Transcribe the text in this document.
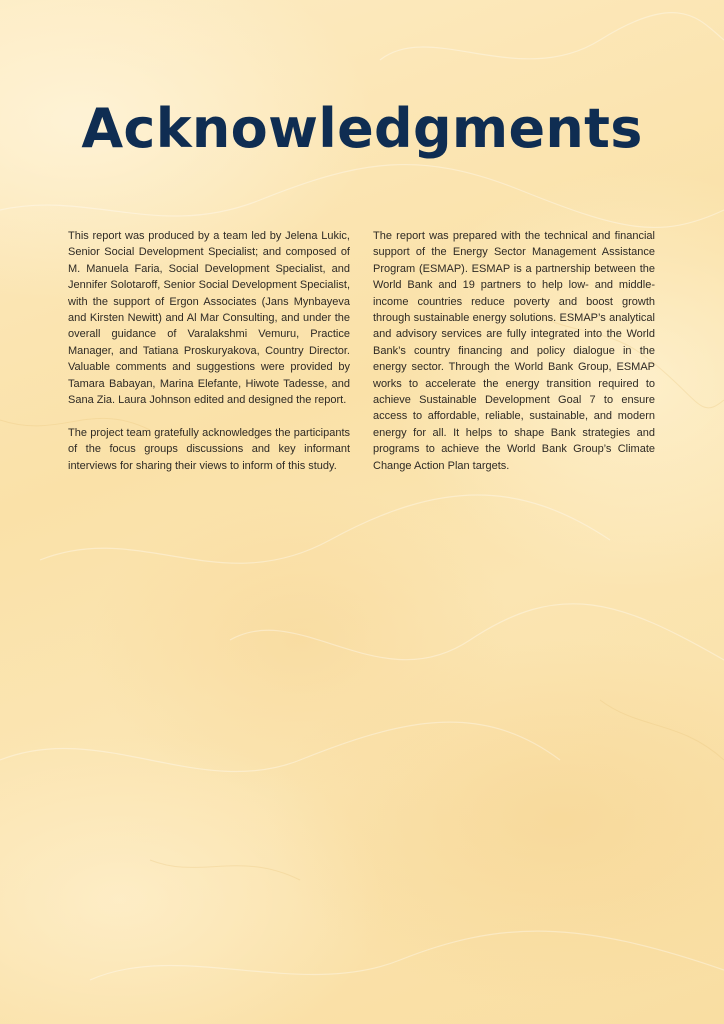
Acknowledgments

This report was produced by a team led by Jelena Lukic, Senior Social Development Specialist; and composed of M. Manuela Faria, Social Development Specialist, and Jennifer Solotaroff, Senior Social Development Specialist, with the support of Ergon Associates (Jans Mynbayeva and Kirsten Newitt) and Al Mar Consulting, and under the overall guidance of Varalakshmi Vemuru, Practice Manager, and Tatiana Proskuryakova, Country Director. Valuable comments and suggestions were provided by Tamara Babayan, Marina Elefante, Hiwote Tadesse, and Sana Zia. Laura Johnson edited and designed the report.

The project team gratefully acknowledges the participants of the focus groups discussions and key informant interviews for sharing their views to inform of this study.

The report was prepared with the technical and financial support of the Energy Sector Management Assistance Program (ESMAP). ESMAP is a partnership between the World Bank and 19 partners to help low- and middle-income countries reduce poverty and boost growth through sustainable energy solutions. ESMAP’s analytical and advisory services are fully integrated into the World Bank’s country financing and policy dialogue in the energy sector. Through the World Bank Group, ESMAP works to accelerate the energy transition required to achieve Sustainable Development Goal 7 to ensure access to affordable, reliable, sustainable, and modern energy for all. It helps to shape Bank strategies and programs to achieve the World Bank Group’s Climate Change Action Plan targets.
